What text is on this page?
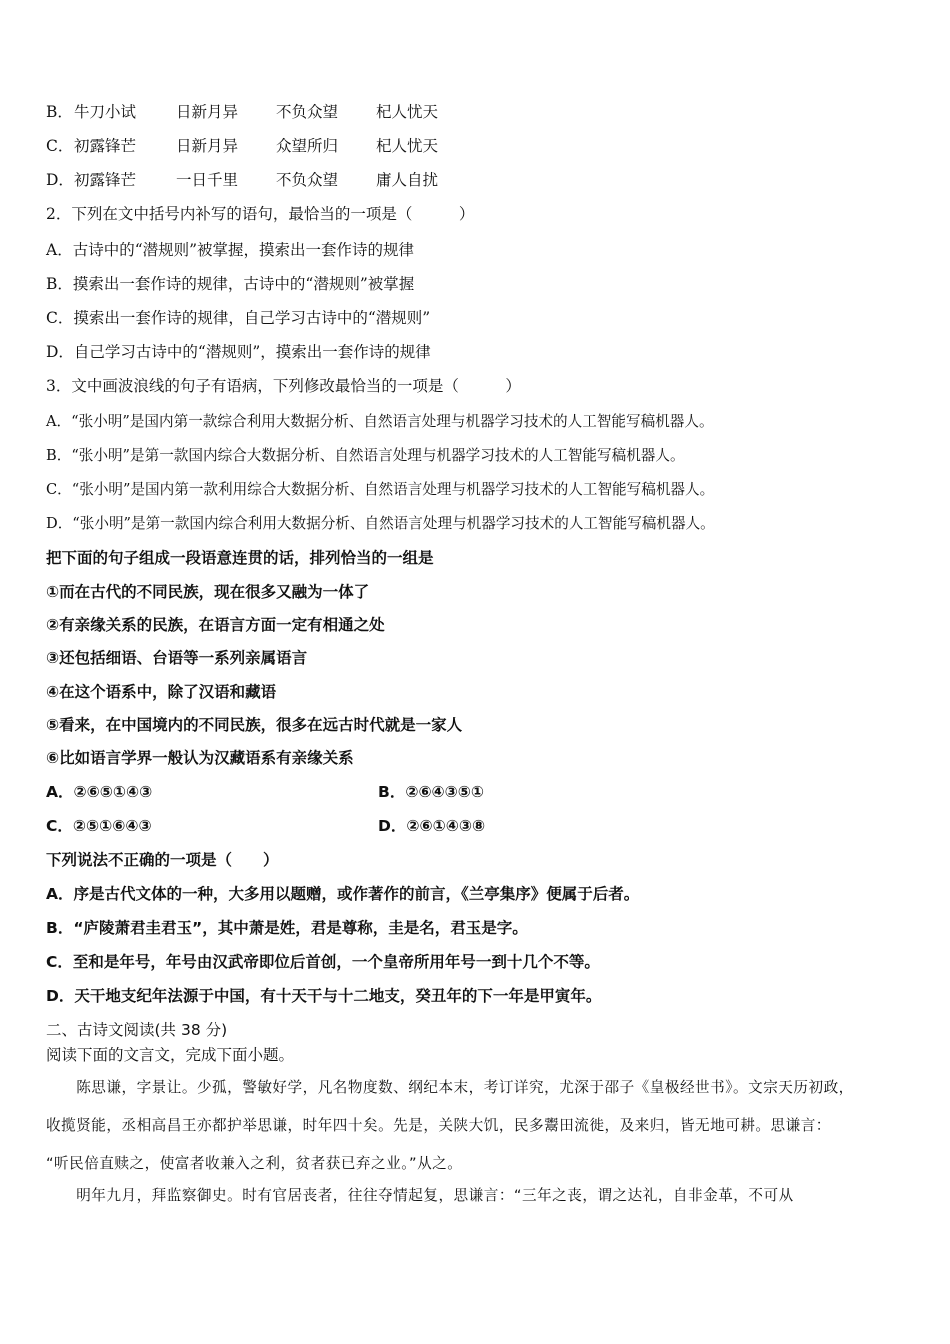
B． 牛刀小试	日新月异 不负众望 杞人忧天
C． 初露锋芒	日新月异 众望所归 杞人忧天
D． 初露锋芒	一日千里 不负众望 庸人自扰
2．下列在文中括号内补写的语句，最恰当的一项是（　　　）
A．古诗中的“潜规则”被掌握，摸索出一套作诗的规律
B．摸索出一套作诗的规律，古诗中的“潜规则”被掌握
C．摸索出一套作诗的规律，自己学习古诗中的“潜规则”
D．自己学习古诗中的“潜规则”，摸索出一套作诗的规律
3．文中画波浪线的句子有语病，下列修改最恰当的一项是（　　　）
A．“张小明”是国内第一款综合利用大数据分析、自然语言处理与机器学习技术的人工智能写稿机器人。
B．“张小明”是第一款国内综合大数据分析、自然语言处理与机器学习技术的人工智能写稿机器人。
C．“张小明”是国内第一款利用综合大数据分析、自然语言处理与机器学习技术的人工智能写稿机器人。
D．“张小明”是第一款国内综合利用大数据分析、自然语言处理与机器学习技术的人工智能写稿机器人。
把下面的句子组成一段语意连贯的话，排列恰当的一组是
①而在古代的不同民族，现在很多又融为一体了
②有亲缘关系的民族，在语言方面一定有相通之处
③还包括细语、台语等一系列亲属语言
④在这个语系中，除了汉语和藏语
⑤看来，在中国境内的不同民族，很多在远古时代就是一家人
⑥比如语言学界一般认为汉藏语系有亲缘关系
A．②⑥⑤①④③	B．②⑥④③⑤①
C．②⑤①⑥④③	D．②⑥①④③⑧
下列说法不正确的一项是（　　）
A．序是古代文体的一种，大多用以题赠，或作著作的前言，《兰亭集序》便属于后者。
B．“庐陵萧君圭君玉”，其中萧是姓，君是尊称，圭是名，君玉是字。
C．至和是年号，年号由汉武帝即位后首创，一个皇帝所用年号一到十几个不等。
D．天干地支纪年法源于中国，有十天干与十二地支，癸丑年的下一年是甲寅年。
二、古诗文阅读(共 38 分)
阅读下面的文言文，完成下面小题。
　　陈思谦，字景让。少孤，警敏好学，凡名物度数、纲纪本末，考订详究，尤深于邵子《皇极经世书》。文宗天历初政，
收揽贤能，丞相高昌王亦都护举思谦，时年四十矣。先是，关陕大饥，民多鬻田流徙，及来归，皆无地可耕。思谦言：
“听民倍直赎之，使富者收兼入之利，贫者获已弃之业。”从之。
　　明年九月，拜监察御史。时有官居丧者，往往夺情起复，思谦言：“三年之丧，谓之达礼，自非金革，不可从
